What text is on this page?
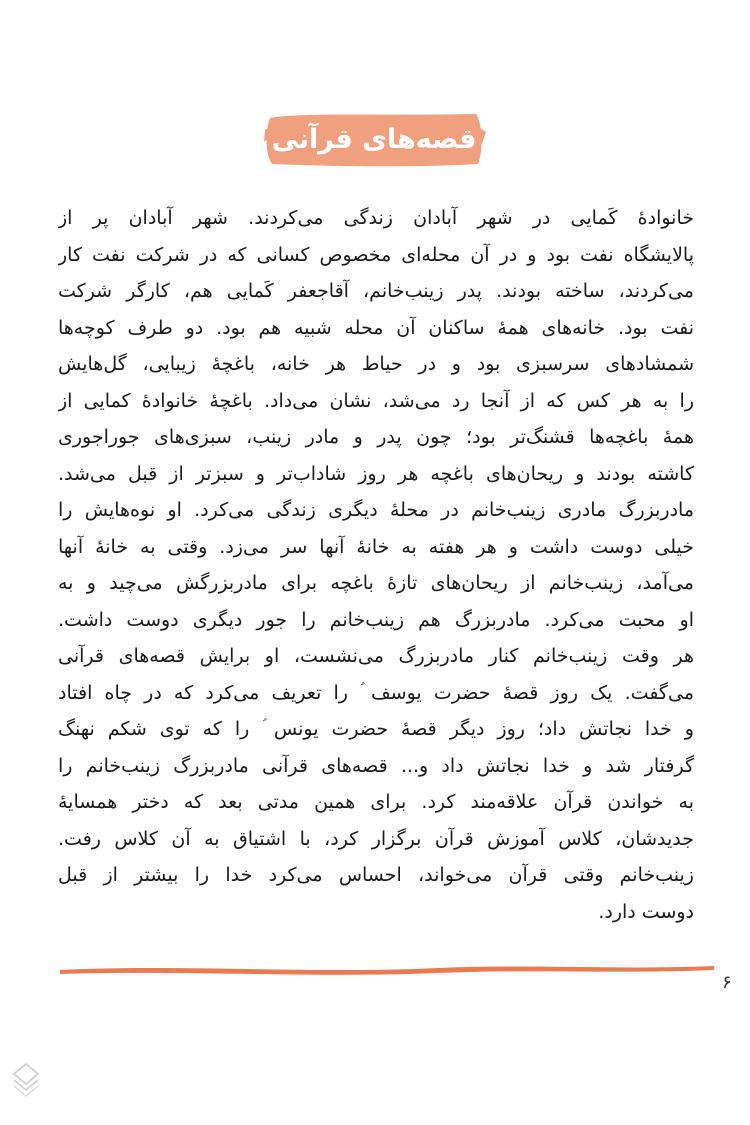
قصه‌های قرآنی
خانوادۀ کَمایی در شهر آبادان زندگی می‌کردند. شهر آبادان پر از
پالایشگاه نفت بود و در آن محله‌ای مخصوص کسانی که در شرکت نفت کار
می‌کردند، ساخته بودند. پدر زینب‌خانم، آقاجعفر کَمایی هم، کارگر شرکت
نفت بود. خانه‌های همهٔ ساکنان آن محله شبیه هم بود. دو طرف کوچه‌ها
شمشادهای سرسبزی بود و در حیاط هر خانه، باغچهٔ زیبایی، گل‌هایش
را به هر کس که از آنجا رد می‌شد، نشان می‌داد. باغچهٔ خانوادهٔ کمایی از
همهٔ باغچه‌ها قشنگ‌تر بود؛ چون پدر و مادر زینب، سبزی‌های جوراجوری
کاشته بودند و ریحان‌های باغچه هر روز شاداب‌تر و سبزتر از قبل می‌شد.
مادربزرگ مادری زینب‌خانم در محلهٔ دیگری زندگی می‌کرد. او نوه‌هایش را
خیلی دوست داشت و هر هفته به خانهٔ آنها سر می‌زد. وقتی به خانهٔ آنها
می‌آمد، زینب‌خانم از ریحان‌های تازهٔ باغچه برای مادربزرگش می‌چید و به
او محبت می‌کرد. مادربزرگ هم زینب‌خانم را جور دیگری دوست داشت.
هر وقت زینب‌خانم کنار مادربزرگ می‌نشست، او برایش قصه‌های قرآنی
می‌گفت. یک روز قصهٔ حضرت یوسف ؑ را تعریف می‌کرد که در چاه افتاد
و خدا نجاتش داد؛ روز دیگر قصهٔ حضرت یونس ؑ را که توی شکم نهنگ
گرفتار شد و خدا نجاتش داد و... قصه‌های قرآنی مادربزرگ زینب‌خانم را
به خواندن قرآن علاقه‌مند کرد. برای همین مدتی بعد که دختر همسایهٔ
جدیدشان، کلاس آموزش قرآن برگزار کرد، با اشتیاق به آن کلاس رفت.
زینب‌خانم وقتی قرآن می‌خواند، احساس می‌کرد خدا را بیشتر از قبل
دوست دارد.
۶
